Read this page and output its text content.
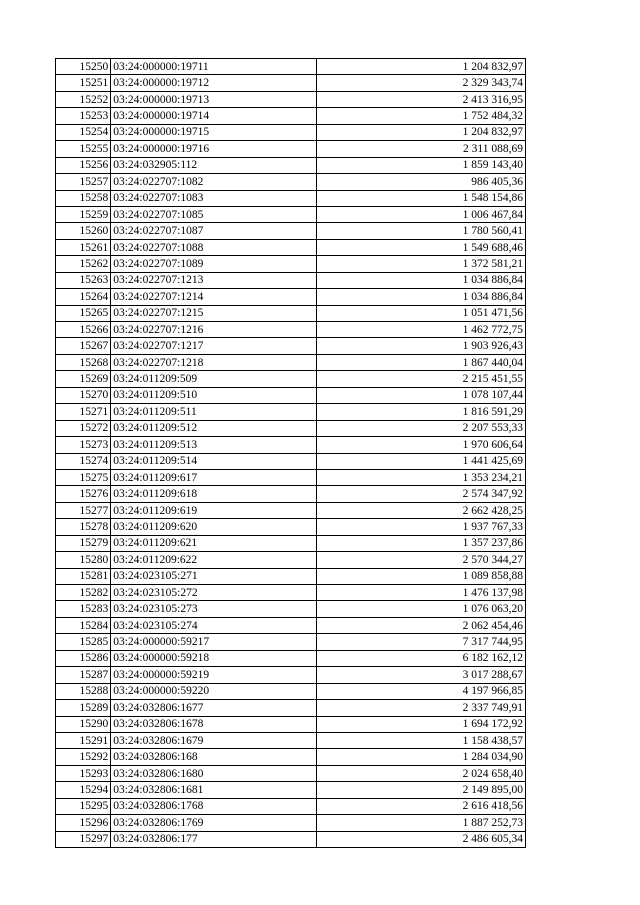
15250	03:24:000000:19711	1 204 832,97
15251	03:24:000000:19712	2 329 343,74
15252	03:24:000000:19713	2 413 316,95
15253	03:24:000000:19714	1 752 484,32
15254	03:24:000000:19715	1 204 832,97
15255	03:24:000000:19716	2 311 088,69
15256	03:24:032905:112	1 859 143,40
15257	03:24:022707:1082	986 405,36
15258	03:24:022707:1083	1 548 154,86
15259	03:24:022707:1085	1 006 467,84
15260	03:24:022707:1087	1 780 560,41
15261	03:24:022707:1088	1 549 688,46
15262	03:24:022707:1089	1 372 581,21
15263	03:24:022707:1213	1 034 886,84
15264	03:24:022707:1214	1 034 886,84
15265	03:24:022707:1215	1 051 471,56
15266	03:24:022707:1216	1 462 772,75
15267	03:24:022707:1217	1 903 926,43
15268	03:24:022707:1218	1 867 440,04
15269	03:24:011209:509	2 215 451,55
15270	03:24:011209:510	1 078 107,44
15271	03:24:011209:511	1 816 591,29
15272	03:24:011209:512	2 207 553,33
15273	03:24:011209:513	1 970 606,64
15274	03:24:011209:514	1 441 425,69
15275	03:24:011209:617	1 353 234,21
15276	03:24:011209:618	2 574 347,92
15277	03:24:011209:619	2 662 428,25
15278	03:24:011209:620	1 937 767,33
15279	03:24:011209:621	1 357 237,86
15280	03:24:011209:622	2 570 344,27
15281	03:24:023105:271	1 089 858,88
15282	03:24:023105:272	1 476 137,98
15283	03:24:023105:273	1 076 063,20
15284	03:24:023105:274	2 062 454,46
15285	03:24:000000:59217	7 317 744,95
15286	03:24:000000:59218	6 182 162,12
15287	03:24:000000:59219	3 017 288,67
15288	03:24:000000:59220	4 197 966,85
15289	03:24:032806:1677	2 337 749,91
15290	03:24:032806:1678	1 694 172,92
15291	03:24:032806:1679	1 158 438,57
15292	03:24:032806:168	1 284 034,90
15293	03:24:032806:1680	2 024 658,40
15294	03:24:032806:1681	2 149 895,00
15295	03:24:032806:1768	2 616 418,56
15296	03:24:032806:1769	1 887 252,73
15297	03:24:032806:177	2 486 605,34
